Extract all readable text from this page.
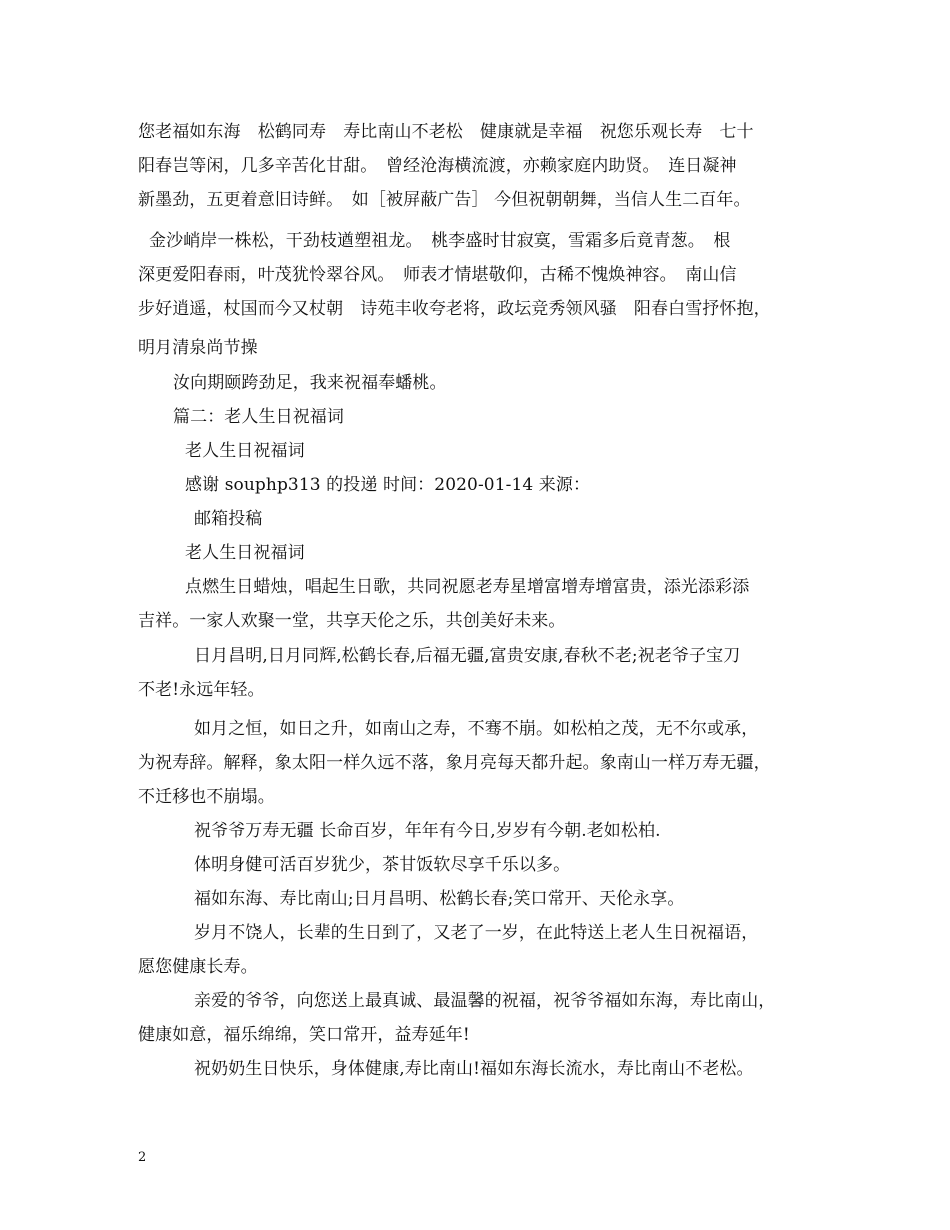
您老福如东海　松鹤同寿　寿比南山不老松　健康就是幸福　祝您乐观长寿　七十
阳春岂等闲，几多辛苦化甘甜。　曾经沧海横流渡，亦赖家庭内助贤。　连日凝神
新墨劲，五更着意旧诗鲜。　如［被屏蔽广告］ 今但祝朝朝舞，当信人生二百年。
金沙峭岸一株松，干劲枝遒塑祖龙。　桃李盛时甘寂寞，雪霜多后竟青葱。　根
深更爱阳春雨，叶茂犹怜翠谷风。　师表才情堪敬仰，古稀不愧焕神容。　南山信
步好逍遥，杖国而今又杖朝　诗苑丰收夸老将，政坛竞秀领风骚　阳春白雪抒怀抱，
明月清泉尚节操
汝向期颐跨劲足，我来祝福奉蟠桃。
篇二：老人生日祝福词
老人生日祝福词
感谢 souphp313 的投递 时间：2020-01-14 来源：
邮箱投稿
老人生日祝福词
点燃生日蜡烛，唱起生日歌，共同祝愿老寿星增富增寿增富贵，添光添彩添
吉祥。一家人欢聚一堂，共享天伦之乐，共创美好未来。
日月昌明,日月同辉,松鹤长春,后福无疆,富贵安康,春秋不老;祝老爷子宝刀
不老!永远年轻。
如月之恒，如日之升，如南山之寿，不骞不崩。如松柏之茂，无不尔或承，
为祝寿辞。解释，象太阳一样久远不落，象月亮每天都升起。象南山一样万寿无疆，
不迁移也不崩塌。
祝爷爷万寿无疆 长命百岁，年年有今日,岁岁有今朝.老如松柏.
体明身健可活百岁犹少，茶甘饭软尽享千乐以多。
福如东海、寿比南山;日月昌明、松鹤长春;笑口常开、天伦永享。
岁月不饶人，长辈的生日到了，又老了一岁，在此特送上老人生日祝福语，
愿您健康长寿。
亲爱的爷爷，向您送上最真诚、最温馨的祝福，祝爷爷福如东海，寿比南山，
健康如意，福乐绵绵，笑口常开，益寿延年!
祝奶奶生日快乐，身体健康,寿比南山!福如东海长流水，寿比南山不老松。
2
